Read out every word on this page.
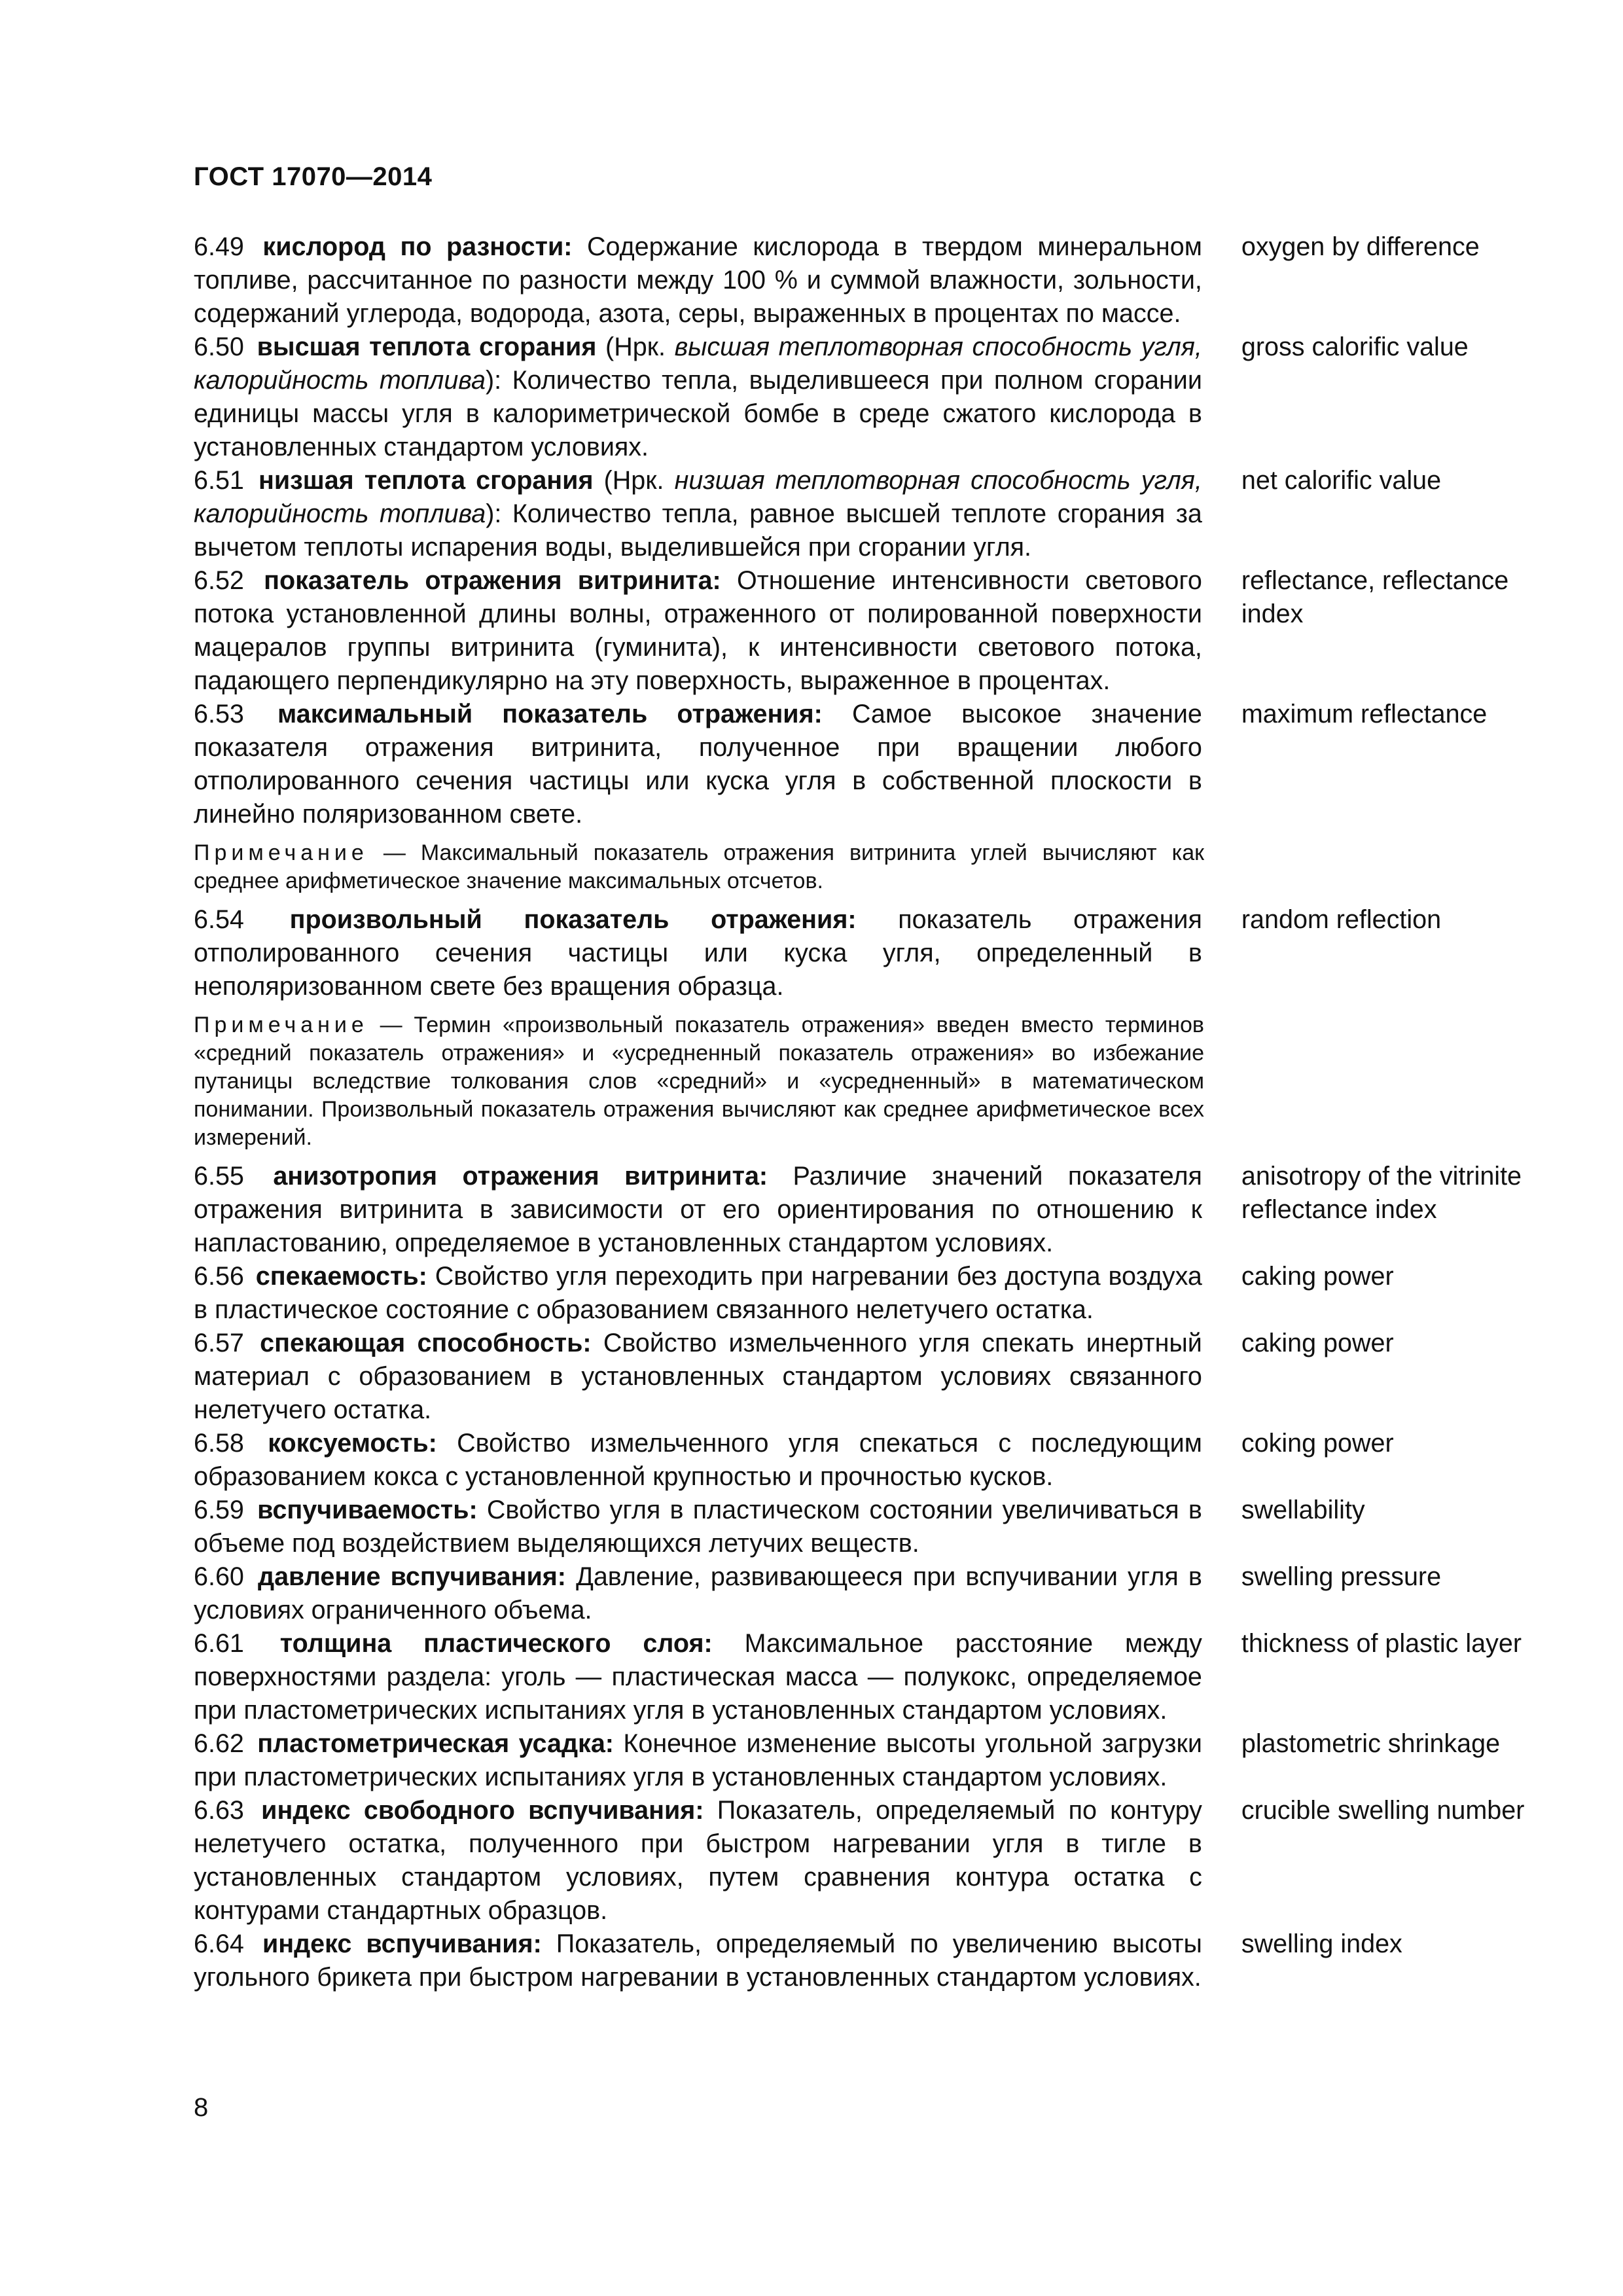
ГОСТ 17070—2014
6.49 кислород по разности: Содержание кислорода в твердом минеральном топливе, рассчитанное по разности между 100 % и суммой влажности, зольности, содержаний углерода, водорода, азота, серы, выраженных в процентах по массе.
oxygen by difference
6.50 высшая теплота сгорания (Нрк. высшая теплотворная способность угля, калорийность топлива): Количество тепла, выделившееся при полном сгорании единицы массы угля в калориметрической бомбе в среде сжатого кислорода в установленных стандартом условиях.
gross calorific value
6.51 низшая теплота сгорания (Нрк. низшая теплотворная способность угля, калорийность топлива): Количество тепла, равное высшей теплоте сгорания за вычетом теплоты испарения воды, выделившейся при сгорании угля.
net calorific value
6.52 показатель отражения витринита: Отношение интенсивности светового потока установленной длины волны, отраженного от полированной поверхности мацералов группы витринита (гуминита), к интенсивности светового потока, падающего перпендикулярно на эту поверхность, выраженное в процентах.
reflectance, reflectance index
6.53 максимальный показатель отражения: Самое высокое значение показателя отражения витринита, полученное при вращении любого отполированного сечения частицы или куска угля в собственной плоскости в линейно поляризованном свете.
maximum reflectance
Примечание — Максимальный показатель отражения витринита углей вычисляют как среднее арифметическое значение максимальных отсчетов.
6.54 произвольный показатель отражения: показатель отражения отполированного сечения частицы или куска угля, определенный в неполяризованном свете без вращения образца.
random reflection
Примечание — Термин «произвольный показатель отражения» введен вместо терминов «средний показатель отражения» и «усредненный показатель отражения» во избежание путаницы вследствие толкования слов «средний» и «усредненный» в математическом понимании. Произвольный показатель отражения вычисляют как среднее арифметическое всех измерений.
6.55 анизотропия отражения витринита: Различие значений показателя отражения витринита в зависимости от его ориентирования по отношению к напластованию, определяемое в установленных стандартом условиях.
anisotropy of the vitrinite reflectance index
6.56 спекаемость: Свойство угля переходить при нагревании без доступа воздуха в пластическое состояние с образованием связанного нелетучего остатка.
caking power
6.57 спекающая способность: Свойство измельченного угля спекать инертный материал с образованием в установленных стандартом условиях связанного нелетучего остатка.
caking power
6.58 коксуемость: Свойство измельченного угля спекаться с последующим образованием кокса с установленной крупностью и прочностью кусков.
coking power
6.59 вспучиваемость: Свойство угля в пластическом состоянии увеличиваться в объеме под воздействием выделяющихся летучих веществ.
swellability
6.60 давление вспучивания: Давление, развивающееся при вспучивании угля в условиях ограниченного объема.
swelling pressure
6.61 толщина пластического слоя: Максимальное расстояние между поверхностями раздела: уголь — пластическая масса — полукокс, определяемое при пластометрических испытаниях угля в установленных стандартом условиях.
thickness of plastic layer
6.62 пластометрическая усадка: Конечное изменение высоты угольной загрузки при пластометрических испытаниях угля в установленных стандартом условиях.
plastometric shrinkage
6.63 индекс свободного вспучивания: Показатель, определяемый по контуру нелетучего остатка, полученного при быстром нагревании угля в тигле в установленных стандартом условиях, путем сравнения контура остатка с контурами стандартных образцов.
crucible swelling number
6.64 индекс вспучивания: Показатель, определяемый по увеличению высоты угольного брикета при быстром нагревании в установленных стандартом условиях.
swelling index
8
